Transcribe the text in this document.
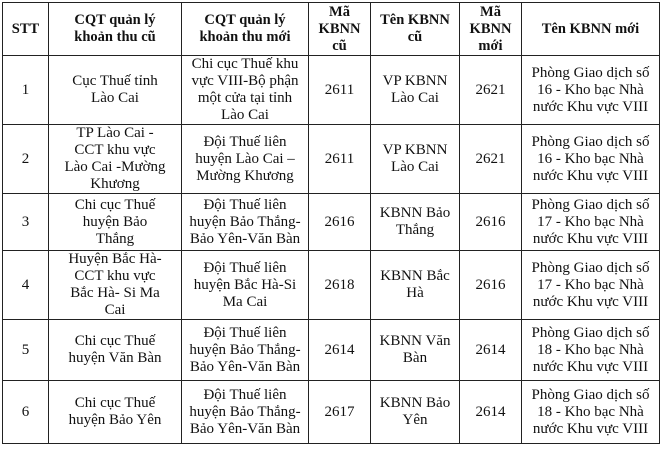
STT	CQT quản lý
khoản thu cũ	CQT quản lý
khoản thu mới	Mã
KBNN
cũ	Tên KBNN
cũ	Mã
KBNN
mới	Tên KBNN mới

1	Cục Thuế tỉnh
Lào Cai	Chi cục Thuế khu
vực VIII-Bộ phận
một cửa tại tỉnh
Lào Cai	2611	VP KBNN
Lào Cai	2621	Phòng Giao dịch số
16 - Kho bạc Nhà
nước Khu vực VIII

2	TP Lào Cai -
CCT khu vực
Lào Cai -Mường
Khương	Đội Thuế liên
huyện Lào Cai –
Mường Khương	2611	VP KBNN
Lào Cai	2621	Phòng Giao dịch số
16 - Kho bạc Nhà
nước Khu vực VIII

3	Chi cục Thuế
huyện Bảo
Thắng	Đội Thuế liên
huyện Bảo Thắng-
Bảo Yên-Văn Bàn	2616	KBNN Bảo
Thắng	2616	Phòng Giao dịch số
17 - Kho bạc Nhà
nước Khu vực VIII

4	Huyện Bắc Hà-
CCT khu vực
Bắc Hà- Si Ma
Cai	Đội Thuế liên
huyện Bắc Hà-Si
Ma Cai	2618	KBNN Bắc
Hà	2616	Phòng Giao dịch số
17 - Kho bạc Nhà
nước Khu vực VIII

5	Chi cục Thuế
huyện Văn Bàn	Đội Thuế liên
huyện Bảo Thắng-
Bảo Yên-Văn Bàn	2614	KBNN Văn
Bàn	2614	Phòng Giao dịch số
18 - Kho bạc Nhà
nước Khu vực VIII

6	Chi cục Thuế
huyện Bảo Yên	Đội Thuế liên
huyện Bảo Thắng-
Bảo Yên-Văn Bàn	2617	KBNN Bảo
Yên	2614	Phòng Giao dịch số
18 - Kho bạc Nhà
nước Khu vực VIII
